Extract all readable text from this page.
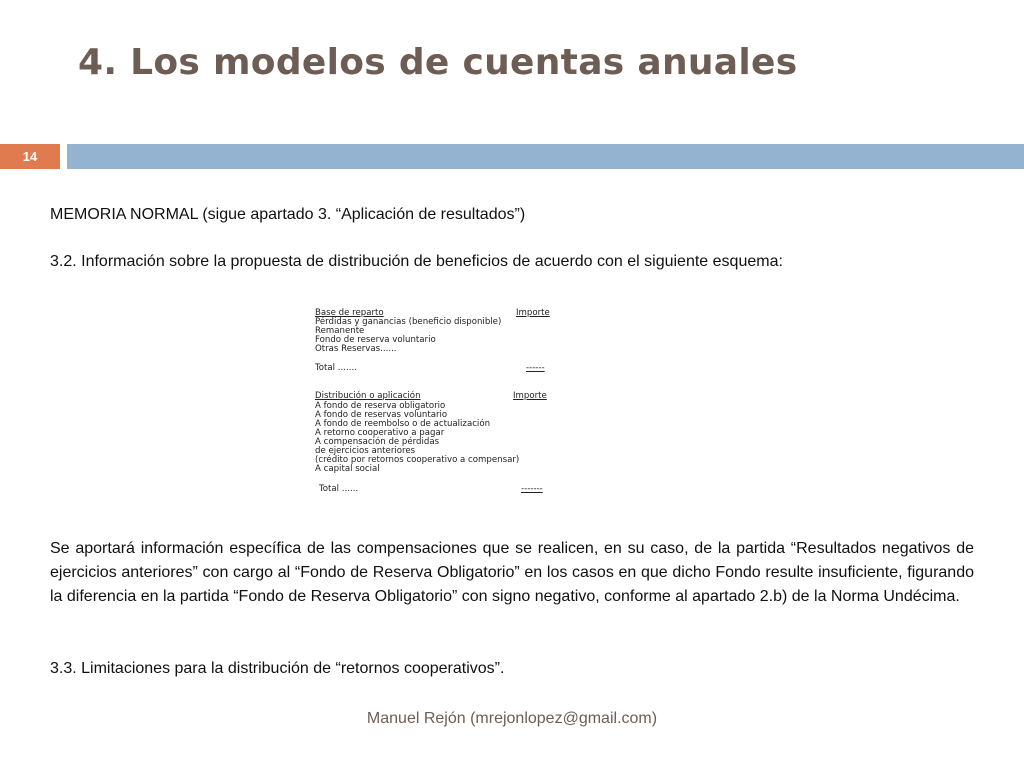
4. Los modelos de cuentas anuales
14
MEMORIA NORMAL (sigue apartado 3. “Aplicación de resultados”)
3.2. Información sobre la propuesta de distribución de beneficios de acuerdo con el siguiente esquema:
Base de reparto	Importe
Pérdidas y ganancias (beneficio disponible)
Remanente
Fondo de reserva voluntario
Otras Reservas......
Total .......	------
Distribución o aplicación	Importe
A fondo de reserva obligatorio
A fondo de reservas voluntario
A fondo de reembolso o de actualización
A retorno cooperativo a pagar
A compensación de pérdidas
de ejercicios anteriores
(crédito por retornos cooperativo a compensar)
A capital social
Total ......	-------
Se aportará información específica de las compensaciones que se realicen, en su caso, de la partida “Resultados negativos de ejercicios anteriores” con cargo al “Fondo de Reserva Obligatorio” en los casos en que dicho Fondo resulte insuficiente, figurando la diferencia en la partida “Fondo de Reserva Obligatorio” con signo negativo, conforme al apartado 2.b) de la Norma Undécima.
3.3. Limitaciones para la distribución de “retornos cooperativos”.
Manuel Rejón (mrejonlopez@gmail.com)
